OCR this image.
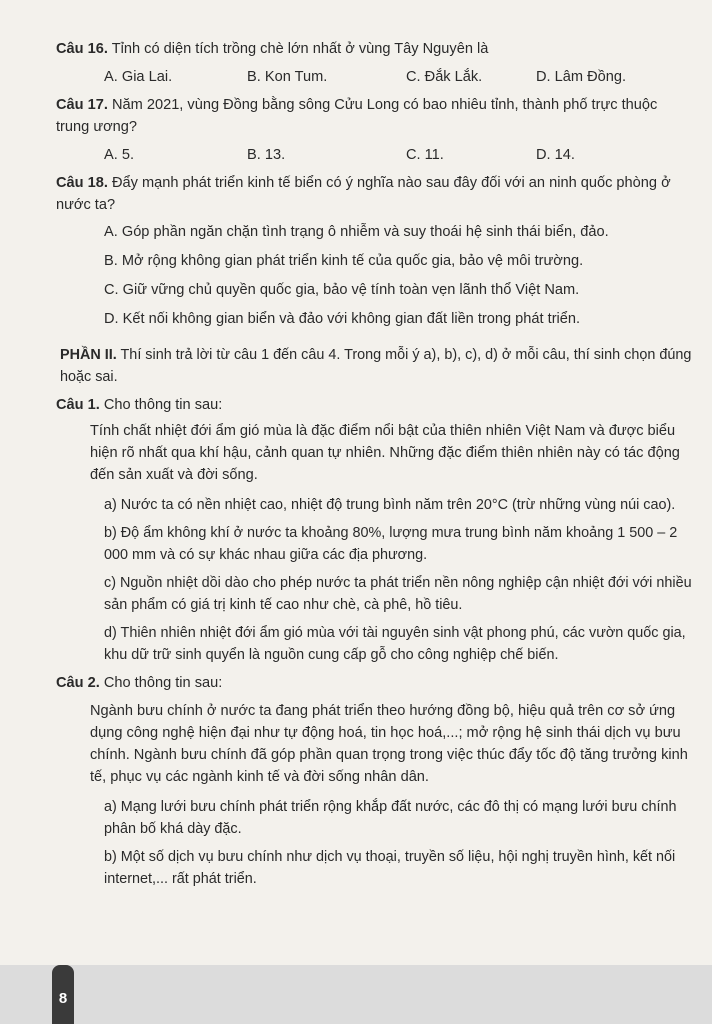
Câu 16. Tỉnh có diện tích trồng chè lớn nhất ở vùng Tây Nguyên là
A. Gia Lai.	B. Kon Tum.	C. Đắk Lắk.	D. Lâm Đồng.
Câu 17. Năm 2021, vùng Đồng bằng sông Cửu Long có bao nhiêu tỉnh, thành phố trực thuộc trung ương?
A. 5.	B. 13.	C. 11.	D. 14.
Câu 18. Đẩy mạnh phát triển kinh tế biển có ý nghĩa nào sau đây đối với an ninh quốc phòng ở nước ta?
A. Góp phần ngăn chặn tình trạng ô nhiễm và suy thoái hệ sinh thái biển, đảo.
B. Mở rộng không gian phát triển kinh tế của quốc gia, bảo vệ môi trường.
C. Giữ vững chủ quyền quốc gia, bảo vệ tính toàn vẹn lãnh thổ Việt Nam.
D. Kết nối không gian biển và đảo với không gian đất liền trong phát triển.
PHẦN II. Thí sinh trả lời từ câu 1 đến câu 4. Trong mỗi ý a), b), c), d) ở mỗi câu, thí sinh chọn đúng hoặc sai.
Câu 1. Cho thông tin sau:
Tính chất nhiệt đới ẩm gió mùa là đặc điểm nổi bật của thiên nhiên Việt Nam và được biểu hiện rõ nhất qua khí hậu, cảnh quan tự nhiên. Những đặc điểm thiên nhiên này có tác động đến sản xuất và đời sống.
a) Nước ta có nền nhiệt cao, nhiệt độ trung bình năm trên 20°C (trừ những vùng núi cao).
b) Độ ẩm không khí ở nước ta khoảng 80%, lượng mưa trung bình năm khoảng 1 500 – 2 000 mm và có sự khác nhau giữa các địa phương.
c) Nguồn nhiệt dồi dào cho phép nước ta phát triển nền nông nghiệp cận nhiệt đới với nhiều sản phẩm có giá trị kinh tế cao như chè, cà phê, hồ tiêu.
d) Thiên nhiên nhiệt đới ẩm gió mùa với tài nguyên sinh vật phong phú, các vườn quốc gia, khu dữ trữ sinh quyển là nguồn cung cấp gỗ cho công nghiệp chế biến.
Câu 2. Cho thông tin sau:
Ngành bưu chính ở nước ta đang phát triển theo hướng đồng bộ, hiệu quả trên cơ sở ứng dụng công nghệ hiện đại như tự động hoá, tin học hoá,...; mở rộng hệ sinh thái dịch vụ bưu chính. Ngành bưu chính đã góp phần quan trọng trong việc thúc đẩy tốc độ tăng trưởng kinh tế, phục vụ các ngành kinh tế và đời sống nhân dân.
a) Mạng lưới bưu chính phát triển rộng khắp đất nước, các đô thị có mạng lưới bưu chính phân bố khá dày đặc.
b) Một số dịch vụ bưu chính như dịch vụ thoại, truyền số liệu, hội nghị truyền hình, kết nối internet,... rất phát triển.
8
